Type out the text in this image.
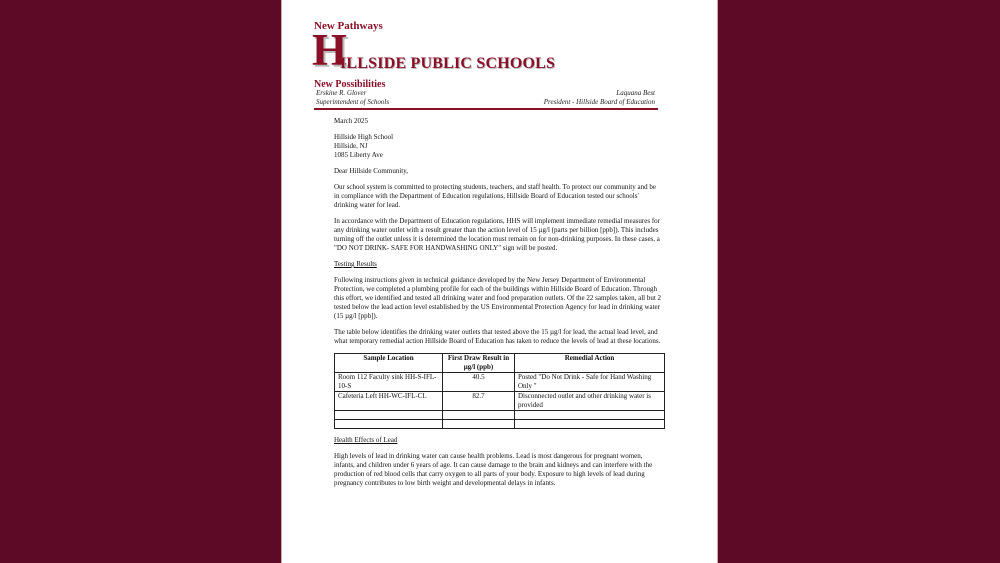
New Pathways
H
ILLSIDE PUBLIC SCHOOLS
New Possibilities
Erskine R. Glover
Superintendent of Schools
Laquana Best
President - Hillside Board of Education

March 2025

Hillside High School
Hillside, NJ
1085 Liberty Ave

Dear Hillside Community,

Our school system is committed to protecting students, teachers, and staff health. To protect our community and be in compliance with the Department of Education regulations, Hillside Board of Education tested our schools' drinking water for lead.

In accordance with the Department of Education regulations, HHS will implement immediate remedial measures for any drinking water outlet with a result greater than the action level of 15 µg/l (parts per billion [ppb]). This includes turning off the outlet unless it is determined the location must remain on for non-drinking purposes. In these cases, a "DO NOT DRINK- SAFE FOR HANDWASHING ONLY" sign will be posted.

Testing Results

Following instructions given in technical guidance developed by the New Jersey Department of Environmental Protection, we completed a plumbing profile for each of the buildings within Hillside Board of Education. Through this effort, we identified and tested all drinking water and food preparation outlets. Of the 22 samples taken, all but 2 tested below the lead action level established by the US Environmental Protection Agency for lead in drinking water (15 µg/l [ppb]).

The table below identifies the drinking water outlets that tested above the 15 µg/l for lead, the actual lead level, and what temporary remedial action Hillside Board of Education has taken to reduce the levels of lead at these locations.

Sample Location	First Draw Result in µg/l (ppb)	Remedial Action
Room 112 Faculty sink HH-S-IFL-10-S	40.5	Posted "Do Not Drink - Safe for Hand Washing Only "
Cafeteria Left HH-WC-IFL-CL	82.7	Disconnected outlet and other drinking water is provided

Health Effects of Lead

High levels of lead in drinking water can cause health problems. Lead is most dangerous for pregnant women, infants, and children under 6 years of age. It can cause damage to the brain and kidneys and can interfere with the production of red blood cells that carry oxygen to all parts of your body. Exposure to high levels of lead during pregnancy contributes to low birth weight and developmental delays in infants.
